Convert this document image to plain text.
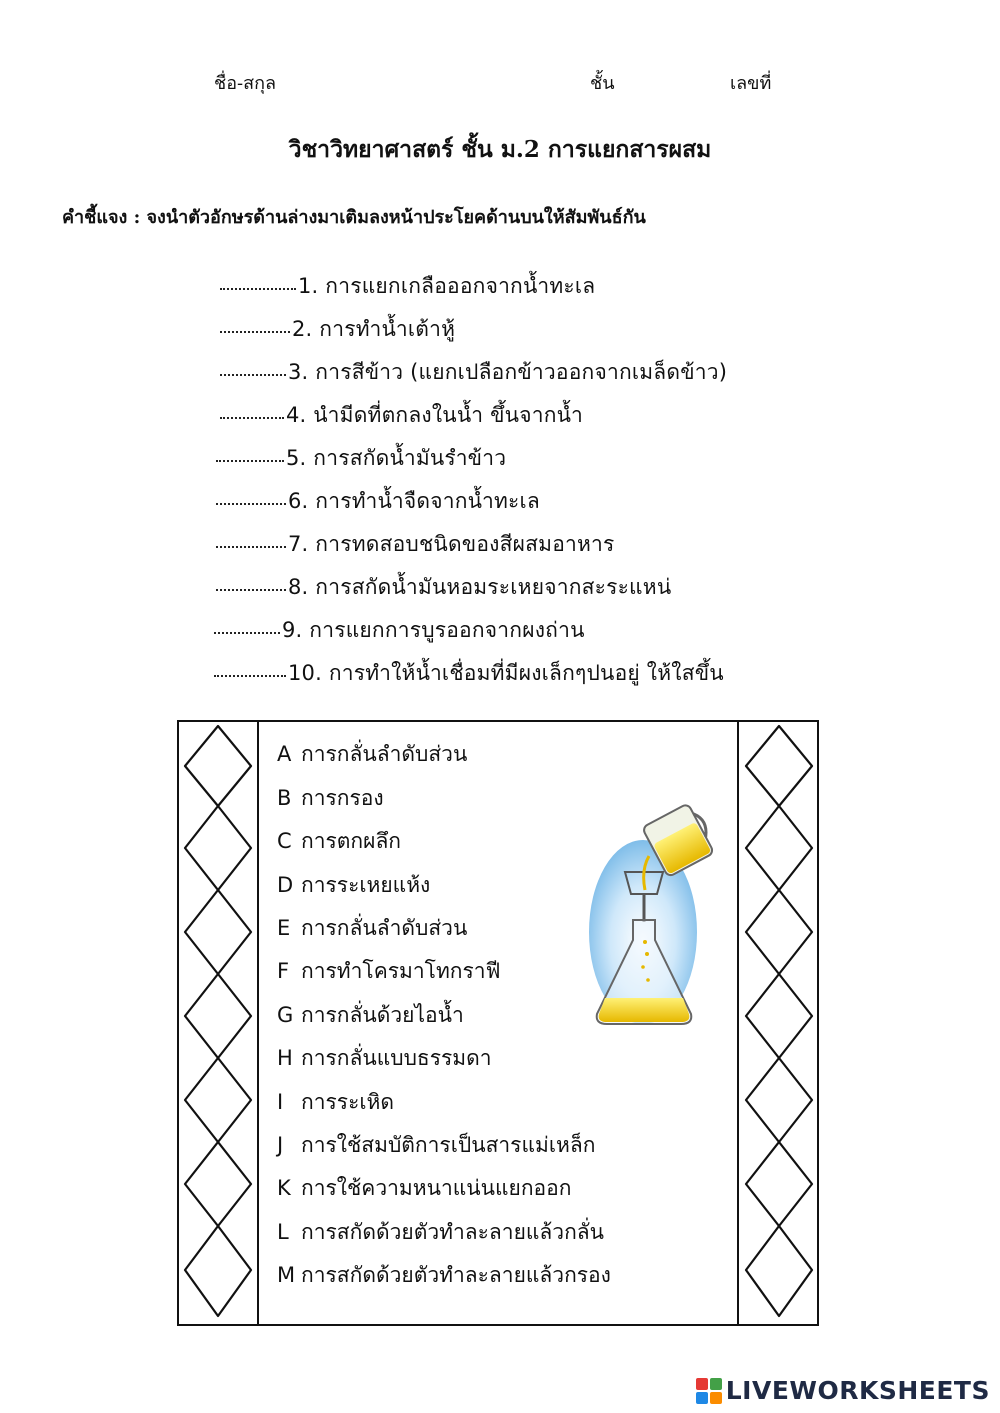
ชื่อ-สกุล	ชั้น	เลขที่
วิชาวิทยาศาสตร์ ชั้น ม.2 การแยกสารผสม
คำชี้แจง : จงนำตัวอักษรด้านล่างมาเติมลงหน้าประโยคด้านบนให้สัมพันธ์กัน
1. การแยกเกลือออกจากน้ำทะเล
2. การทำน้ำเต้าหู้
3. การสีข้าว (แยกเปลือกข้าวออกจากเมล็ดข้าว)
4. นำมีดที่ตกลงในน้ำ ขึ้นจากน้ำ
5. การสกัดน้ำมันรำข้าว
6. การทำน้ำจืดจากน้ำทะเล
7. การทดสอบชนิดของสีผสมอาหาร
8. การสกัดน้ำมันหอมระเหยจากสะระแหน่
9. การแยกการบูรออกจากผงถ่าน
10. การทำให้น้ำเชื่อมที่มีผงเล็กๆปนอยู่ ให้ใสขึ้น
A การกลั่นลำดับส่วน
B การกรอง
C การตกผลึก
D การระเหยแห้ง
E การกลั่นลำดับส่วน
F การทำโครมาโทกราฟี
G การกลั่นด้วยไอน้ำ
H การกลั่นแบบธรรมดา
I การระเหิด
J การใช้สมบัติการเป็นสารแม่เหล็ก
K การใช้ความหนาแน่นแยกออก
L การสกัดด้วยตัวทำละลายแล้วกลั่น
M การสกัดด้วยตัวทำละลายแล้วกรอง
LIVEWORKSHEETS
